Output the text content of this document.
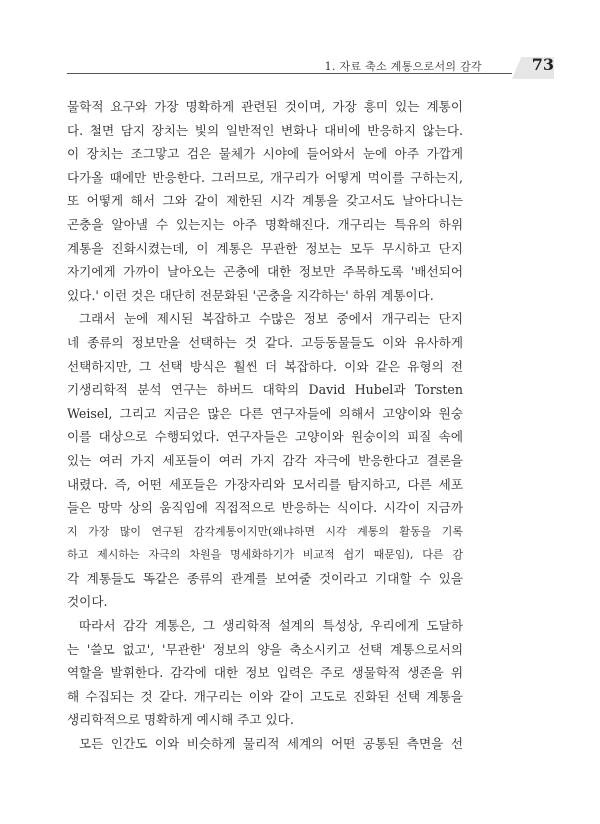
1. 자료 축소 계통으로서의 감각	73
물학적 요구와 가장 명확하게 관련된 것이며, 가장 흥미 있는 계통이
다. 철면 담지 장치는 빛의 일반적인 변화나 대비에 반응하지 않는다.
이 장치는 조그맣고 검은 물체가 시야에 들어와서 눈에 아주 가깝게
다가올 때에만 반응한다. 그러므로, 개구리가 어떻게 먹이를 구하는지,
또 어떻게 해서 그와 같이 제한된 시각 계통을 갖고서도 날아다니는
곤충을 알아낼 수 있는지는 아주 명확해진다. 개구리는 특유의 하위
계통을 진화시켰는데, 이 계통은 무관한 정보는 모두 무시하고 단지
자기에게 가까이 날아오는 곤충에 대한 정보만 주목하도록 '배선되어
있다.' 이런 것은 대단히 전문화된 '곤충을 지각하는' 하위 계통이다.
그래서 눈에 제시된 복잡하고 수많은 정보 중에서 개구리는 단지
네 종류의 정보만을 선택하는 것 같다. 고등동물들도 이와 유사하게
선택하지만, 그 선택 방식은 훨씬 더 복잡하다. 이와 같은 유형의 전
기생리학적 분석 연구는 하버드 대학의 David Hubel과 Torsten
Weisel, 그리고 지금은 많은 다른 연구자들에 의해서 고양이와 원숭
이를 대상으로 수행되었다. 연구자들은 고양이와 원숭이의 피질 속에
있는 여러 가지 세포들이 여러 가지 감각 자극에 반응한다고 결론을
내렸다. 즉, 어떤 세포들은 가장자리와 모서리를 탐지하고, 다른 세포
들은 망막 상의 움직임에 직접적으로 반응하는 식이다. 시각이 지금까
지 가장 많이 연구된 감각계통이지만(왜냐하면 시각 계통의 활동을 기록
하고 제시하는 자극의 차원을 명세화하기가 비교적 쉽기 때문임), 다른 감
각 계통들도 똑같은 종류의 관계를 보여줄 것이라고 기대할 수 있을
것이다.
따라서 감각 계통은, 그 생리학적 설계의 특성상, 우리에게 도달하
는 '쓸모 없고', '무관한' 정보의 양을 축소시키고 선택 계통으로서의
역할을 발휘한다. 감각에 대한 정보 입력은 주로 생물학적 생존을 위
해 수집되는 것 같다. 개구리는 이와 같이 고도로 진화된 선택 계통을
생리학적으로 명확하게 예시해 주고 있다.
모든 인간도 이와 비슷하게 물리적 세계의 어떤 공통된 측면을 선
